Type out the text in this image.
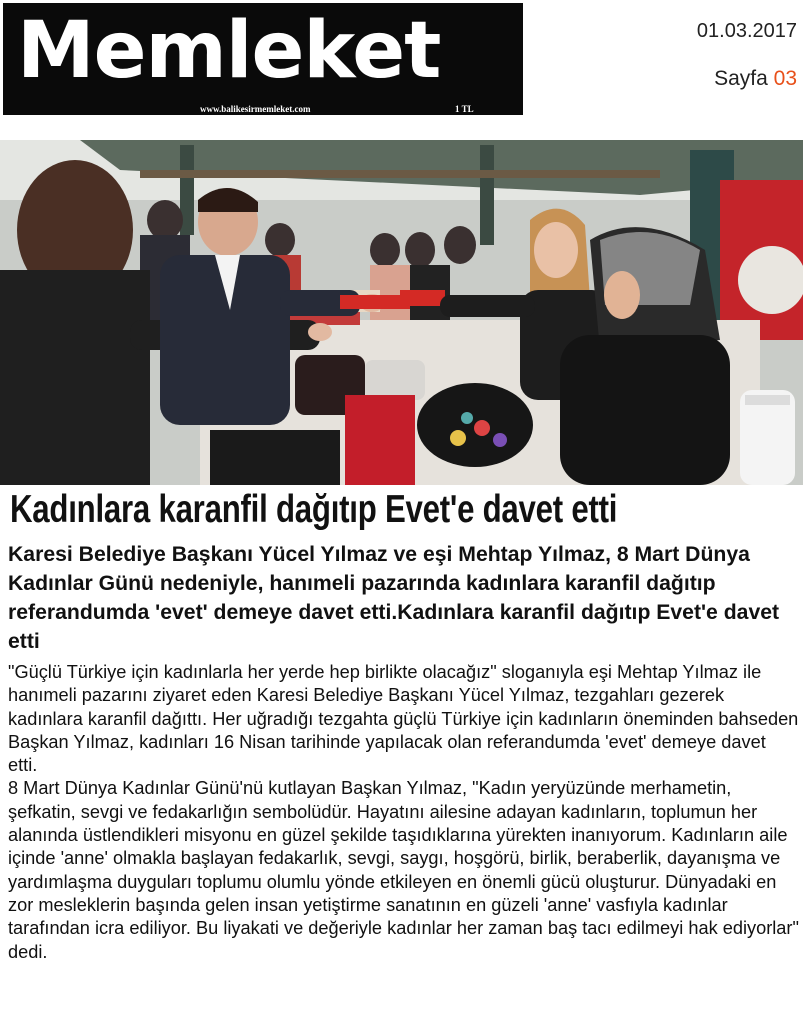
Memleket
www.balikesirmemleket.com	1 TL
01.03.2017
Sayfa 03
Kadınlara karanfil dağıtıp Evet'e davet etti
Karesi Belediye Başkanı Yücel Yılmaz ve eşi Mehtap Yılmaz, 8 Mart Dünya Kadınlar Günü nedeniyle, hanımeli pazarında kadınlara karanfil dağıtıp referandumda 'evet' demeye davet etti.Kadınlara karanfil dağıtıp Evet'e davet etti

"Güçlü Türkiye için kadınlarla her yerde hep birlikte olacağız" sloganıyla eşi Mehtap Yılmaz ile hanımeli pazarını ziyaret eden Karesi Belediye Başkanı Yücel Yılmaz, tezgahları gezerek kadınlara karanfil dağıttı. Her uğradığı tezgahta güçlü Türkiye için kadınların öneminden bahseden Başkan Yılmaz, kadınları 16 Nisan tarihinde yapılacak olan referandumda 'evet' demeye davet etti.

8 Mart Dünya Kadınlar Günü'nü kutlayan Başkan Yılmaz, "Kadın yeryüzünde merhametin, şefkatin, sevgi ve fedakarlığın sembolüdür. Hayatını ailesine adayan kadınların, toplumun her alanında üstlendikleri misyonu en güzel şekilde taşıdıklarına yürekten inanıyorum. Kadınların aile içinde 'anne' olmakla başlayan fedakarlık, sevgi, saygı, hoşgörü, birlik, beraberlik, dayanışma ve yardımlaşma duyguları toplumu olumlu yönde etkileyen en önemli gücü oluşturur. Dünyadaki en zor mesleklerin başında gelen insan yetiştirme sanatının en güzeli 'anne' vasfıyla kadınlar tarafından icra ediliyor. Bu liyakati ve değeriyle kadınlar her zaman baş tacı edilmeyi hak ediyorlar" dedi.
